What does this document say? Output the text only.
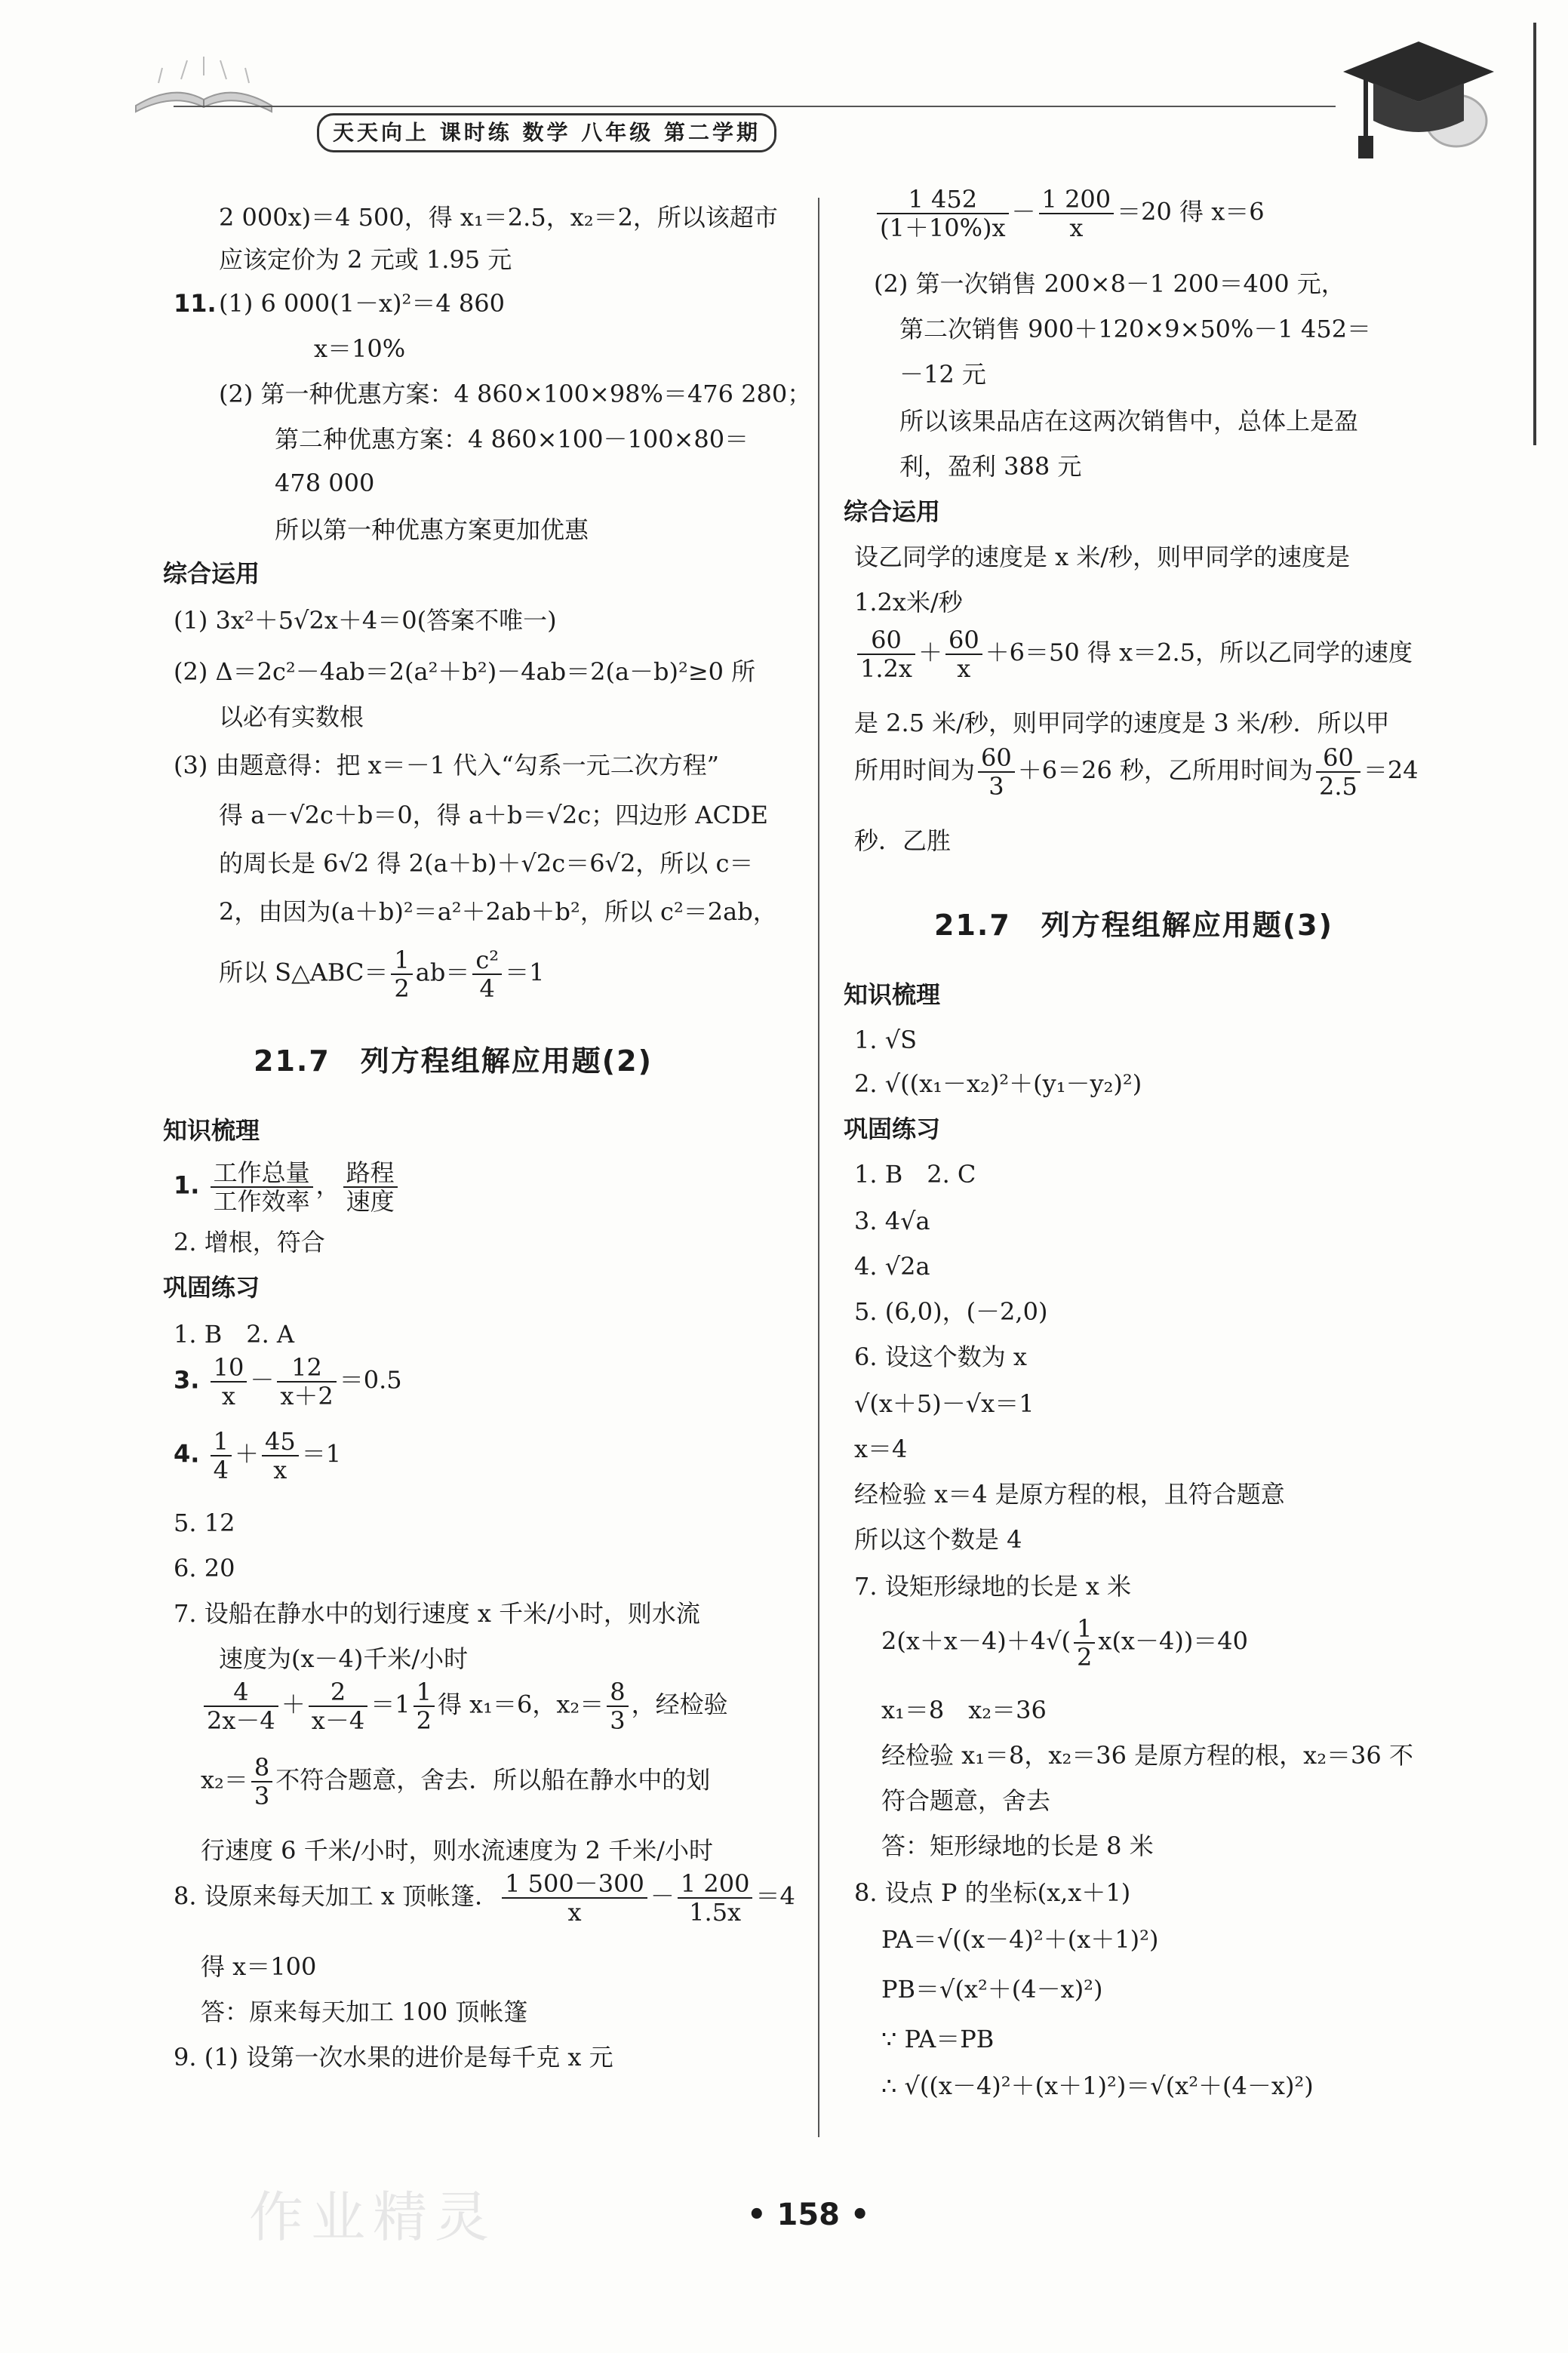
天天向上 课时练 数学 八年级 第二学期
2 000x)＝4 500，得 x₁＝2.5，x₂＝2，所以该超市
应该定价为 2 元或 1.95 元
11. (1) 6 000(1－x)²＝4 860
x＝10%
(2) 第一种优惠方案：4 860×100×98%＝476 280；
第二种优惠方案：4 860×100－100×80＝
478 000
所以第一种优惠方案更加优惠
综合运用
(1) 3x²＋5√2x＋4＝0(答案不唯一)
(2) Δ＝2c²－4ab＝2(a²＋b²)－4ab＝2(a－b)²≥0 所
以必有实数根
(3) 由题意得：把 x＝－1 代入“勾系一元二次方程”
得 a－√2c＋b＝0，得 a＋b＝√2c；四边形 ACDE
的周长是 6√2 得 2(a＋b)＋√2c＝6√2，所以 c＝
2，由因为(a＋b)²＝a²＋2ab＋b²，所以 c²＝2ab，
所以 S△ABC＝ $\frac{1}{2} ab= \frac{\text{c²}}{4} =1$
21.7　列方程组解应用题(2)
知识梳理
1. $\frac{\text{工作总量}}{\text{工作效率}}$ ， $\frac{\text{路程}}{\text{速度}}$
2. 增根，符合
巩固练习
1. B　2. A
3. $\frac{10}{x} - \frac{12}{x+2} =0.5$
4. $\frac{1}{4} + \frac{45}{x} =1$
5. 12
6. 20
7. 设船在静水中的划行速度 x 千米/小时，则水流
速度为(x－4)千米/小时
$\frac{4}{2x-4} + \frac{2}{x-4} =1 \frac{1}{2}$ 得 x₁＝6，$x_2= \frac{8}{3}$ ，经检验
$x_2= \frac{8}{3}$ 不符合题意，舍去．所以船在静水中的划
行速度 6 千米/小时，则水流速度为 2 千米/小时
8. 设原来每天加工 x 顶帐篷． $\frac{1 500-300}{x} - \frac{1 200}{1.5x} =4$
得 x＝100
答：原来每天加工 100 顶帐篷
9. (1) 设第一次水果的进价是每千克 x 元
$\frac{1 452}{(1+10\%)x} - \frac{1 200}{x} =20$ 得 x＝6
(2) 第一次销售 200×8－1 200＝400 元，
第二次销售 900＋120×9×50%－1 452＝
－12 元
所以该果品店在这两次销售中，总体上是盈
利，盈利 388 元
综合运用
设乙同学的速度是 x 米/秒，则甲同学的速度是
1.2x米/秒
$\frac{60}{1.2x} + \frac{60}{x} +6=50$ 得 x＝2.5，所以乙同学的速度
是 2.5 米/秒，则甲同学的速度是 3 米/秒．所以甲
所用时间为 $\frac{60}{3} +6=26$ 秒，乙所用时间为 $\frac{60}{2.5} =24$
秒．乙胜
21.7　列方程组解应用题(3)
知识梳理
1. √S
2. √((x₁－x₂)²＋(y₁－y₂)²)
巩固练习
1. B　2. C
3. 4√a
4. √2a
5. (6,0)，(－2,0)
6. 设这个数为 x
√(x＋5)－√x＝1
x＝4
经检验 x＝4 是原方程的根，且符合题意
所以这个数是 4
7. 设矩形绿地的长是 x 米
$2(x+x-4)+4√( \frac{1}{2} x(x-4))=40$
x₁＝8　x₂＝36
经检验 x₁＝8，x₂＝36 是原方程的根，x₂＝36 不
符合题意，舍去
答：矩形绿地的长是 8 米
8. 设点 P 的坐标(x,x＋1)
PA＝√((x－4)²＋(x＋1)²)
PB＝√(x²＋(4－x)²)
∵ PA＝PB
∴ √((x－4)²＋(x＋1)²)＝√(x²＋(4－x)²)
• 158 •
作业精灵
